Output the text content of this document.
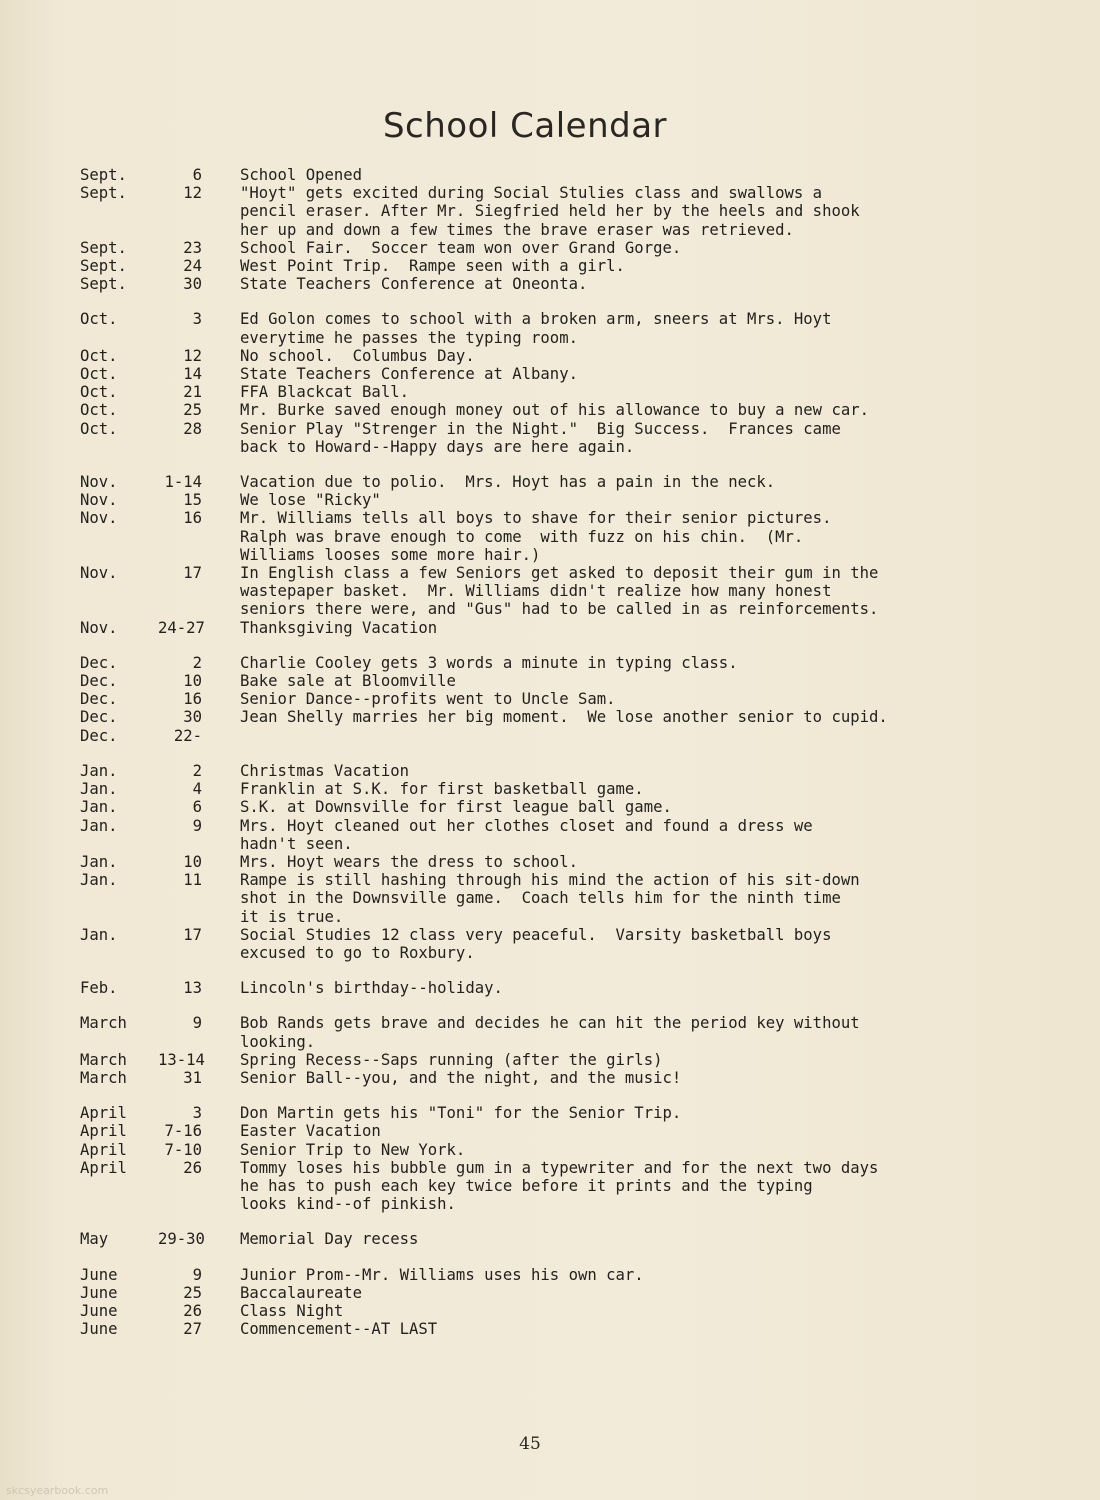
School Calendar
Sept.	6 School Opened
Sept.	12 "Hoyt" gets excited during Social Stulies class and swallows a
pencil eraser. After Mr. Siegfried held her by the heels and shook
her up and down a few times the brave eraser was retrieved.
Sept.	23 School Fair.  Soccer team won over Grand Gorge.
Sept.	24 West Point Trip.  Rampe seen with a girl.
Sept.	30 State Teachers Conference at Oneonta.
Oct.	3 Ed Golon comes to school with a broken arm, sneers at Mrs. Hoyt
everytime he passes the typing room.
Oct.	12 No school.  Columbus Day.
Oct.	14 State Teachers Conference at Albany.
Oct.	21 FFA Blackcat Ball.
Oct.	25 Mr. Burke saved enough money out of his allowance to buy a new car.
Oct.	28 Senior Play "Strenger in the Night."  Big Success.  Frances came
back to Howard--Happy days are here again.
Nov.	1-14 Vacation due to polio.  Mrs. Hoyt has a pain in the neck.
Nov.	15 We lose "Ricky"
Nov.	16 Mr. Williams tells all boys to shave for their senior pictures.
Ralph was brave enough to come  with fuzz on his chin.  (Mr.
Williams looses some more hair.)
Nov.	17 In English class a few Seniors get asked to deposit their gum in the
wastepaper basket.  Mr. Williams didn't realize how many honest
seniors there were, and "Gus" had to be called in as reinforcements.
Nov.	24-27 Thanksgiving Vacation
Dec.	2 Charlie Cooley gets 3 words a minute in typing class.
Dec.	10 Bake sale at Bloomville
Dec.	16 Senior Dance--profits went to Uncle Sam.
Dec.	30 Jean Shelly marries her big moment.  We lose another senior to cupid.
Dec.	22-
Jan.	2 Christmas Vacation
Jan.	4 Franklin at S.K. for first basketball game.
Jan.	6 S.K. at Downsville for first league ball game.
Jan.	9 Mrs. Hoyt cleaned out her clothes closet and found a dress we
hadn't seen.
Jan.	10 Mrs. Hoyt wears the dress to school.
Jan.	11 Rampe is still hashing through his mind the action of his sit-down
shot in the Downsville game.  Coach tells him for the ninth time
it is true.
Jan.	17 Social Studies 12 class very peaceful.  Varsity basketball boys
excused to go to Roxbury.
Feb.	13 Lincoln's birthday--holiday.
March	9 Bob Rands gets brave and decides he can hit the period key without
looking.
March	13-14 Spring Recess--Saps running (after the girls)
March	31 Senior Ball--you, and the night, and the music!
April	3 Don Martin gets his "Toni" for the Senior Trip.
April	7-16 Easter Vacation
April	7-10 Senior Trip to New York.
April	26 Tommy loses his bubble gum in a typewriter and for the next two days
he has to push each key twice before it prints and the typing
looks kind--of pinkish.
May	29-30 Memorial Day recess
June	9 Junior Prom--Mr. Williams uses his own car.
June	25 Baccalaureate
June	26 Class Night
June	27 Commencement--AT LAST
45
skcsyearbook.com
